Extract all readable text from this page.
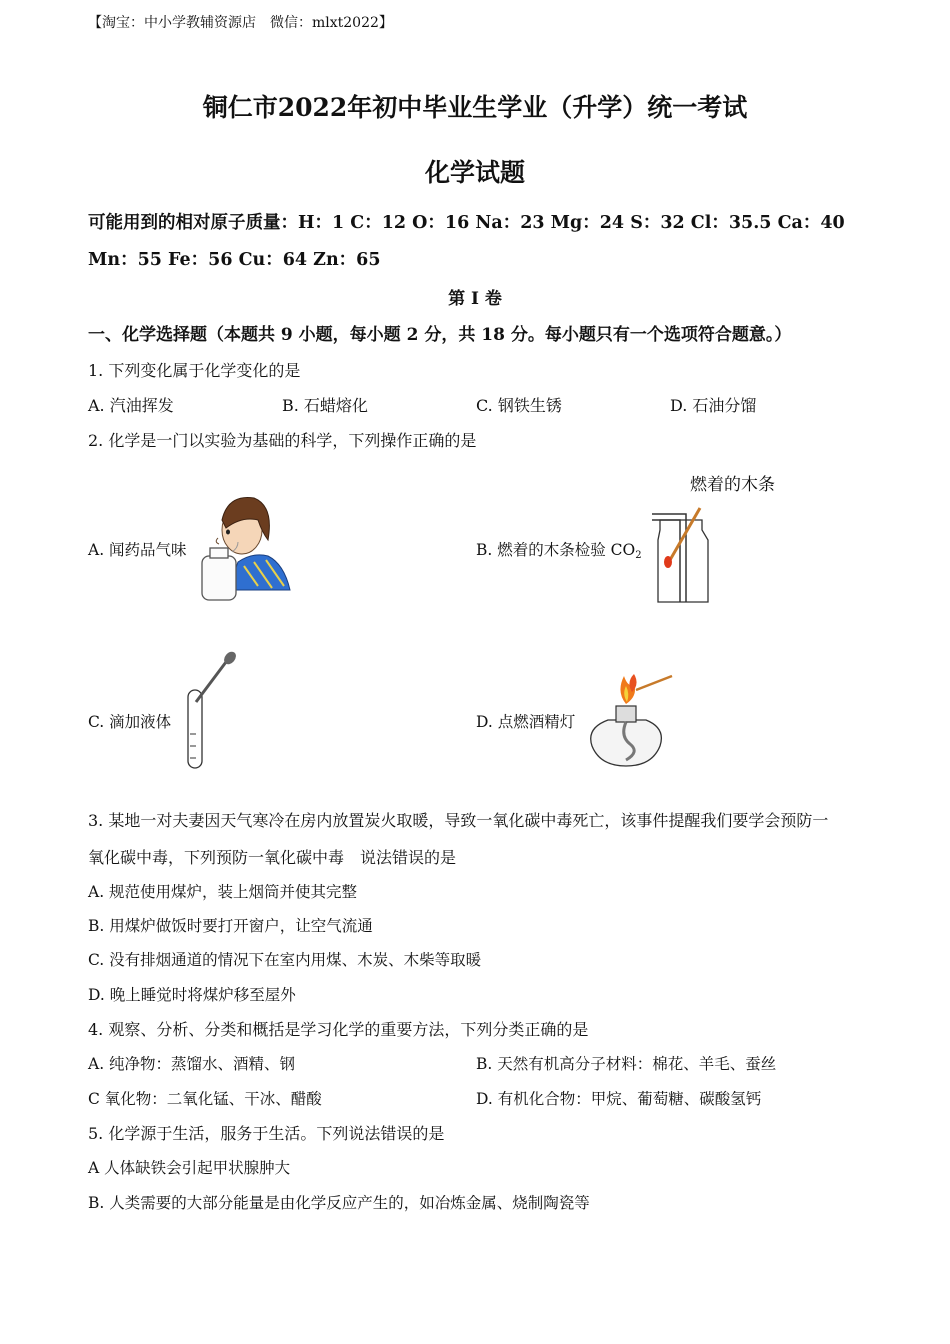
【淘宝：中小学教辅资源店　微信：mlxt2022】
铜仁市2022年初中毕业生学业（升学）统一考试
化学试题
可能用到的相对原子质量：H：1 C：12 O：16 Na：23 Mg：24 S：32 Cl：35.5 Ca：40
Mn：55 Fe：56 Cu：64 Zn：65
第 I 卷
一、化学选择题（本题共 9 小题，每小题 2 分，共 18 分。每小题只有一个选项符合题意。）
1. 下列变化属于化学变化的是
A. 汽油挥发	B. 石蜡熔化	C. 钢铁生锈	D. 石油分馏
2. 化学是一门以实验为基础的科学，下列操作正确的是
A. 闻药品气味	B. 燃着的木条检验 $CO_2$
燃着的木条
C. 滴加液体	D. 点燃酒精灯
3. 某地一对夫妻因天气寒冷在房内放置炭火取暖，导致一氧化碳中毒死亡，该事件提醒我们要学会预防一
氧化碳中毒，下列预防一氧化碳中毒　说法错误的是
A. 规范使用煤炉，装上烟筒并使其完整
B. 用煤炉做饭时要打开窗户，让空气流通
C. 没有排烟通道的情况下在室内用煤、木炭、木柴等取暖
D. 晚上睡觉时将煤炉移至屋外
4. 观察、分析、分类和概括是学习化学的重要方法，下列分类正确的是
A. 纯净物：蒸馏水、酒精、钢	B. 天然有机高分子材料：棉花、羊毛、蚕丝
C 氧化物：二氧化锰、干冰、醋酸	D. 有机化合物：甲烷、葡萄糖、碳酸氢钙
5. 化学源于生活，服务于生活。下列说法错误的是
A 人体缺铁会引起甲状腺肿大
B. 人类需要的大部分能量是由化学反应产生的，如冶炼金属、烧制陶瓷等
